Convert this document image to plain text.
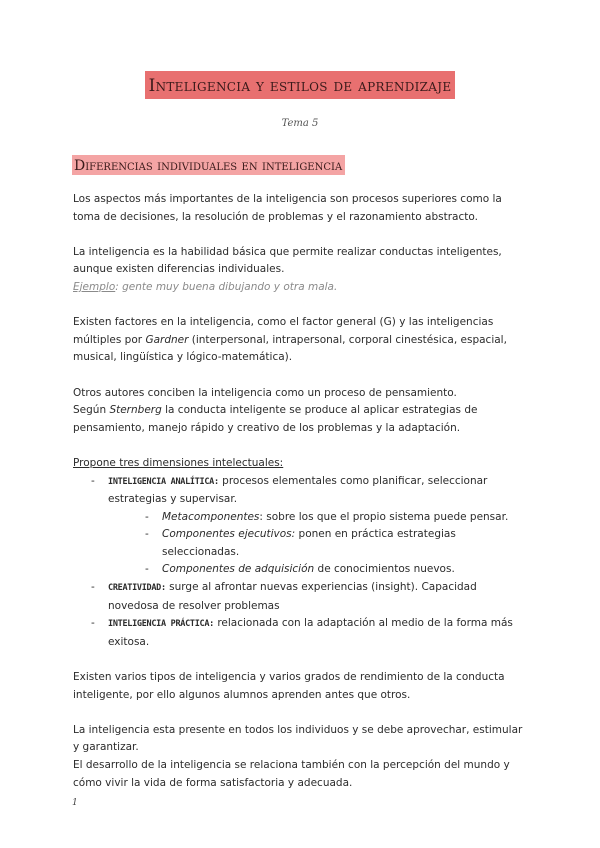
Inteligencia y estilos de aprendizaje
Tema 5
Diferencias individuales en inteligencia

Los aspectos más importantes de la inteligencia son procesos superiores como la toma de decisiones, la resolución de problemas y el razonamiento abstracto.

La inteligencia es la habilidad básica que permite realizar conductas inteligentes, aunque existen diferencias individuales.

Ejemplo: gente muy buena dibujando y otra mala.

Existen factores en la inteligencia, como el factor general (G) y las inteligencias múltiples por Gardner (interpersonal, intrapersonal, corporal cinestésica, espacial, musical, lingüística y lógico-matemática).

Otros autores conciben la inteligencia como un proceso de pensamiento.

Según Sternberg la conducta inteligente se produce al aplicar estrategias de pensamiento, manejo rápido y creativo de los problemas y la adaptación.

Propone tres dimensiones intelectuales:

- INTELIGENCIA ANALÍTICA: procesos elementales como planificar, seleccionar estrategias y supervisar.
- Metacomponentes: sobre los que el propio sistema puede pensar.
- Componentes ejecutivos: ponen en práctica estrategias seleccionadas.
- Componentes de adquisición de conocimientos nuevos.
- CREATIVIDAD: surge al afrontar nuevas experiencias (insight). Capacidad novedosa de resolver problemas
- INTELIGENCIA PRÁCTICA: relacionada con la adaptación al medio de la forma más exitosa.

Existen varios tipos de inteligencia y varios grados de rendimiento de la conducta inteligente, por ello algunos alumnos aprenden antes que otros.

La inteligencia esta presente en todos los individuos y se debe aprovechar, estimular y garantizar.

El desarrollo de la inteligencia se relaciona también con la percepción del mundo y cómo vivir la vida de forma satisfactoria y adecuada.

1
